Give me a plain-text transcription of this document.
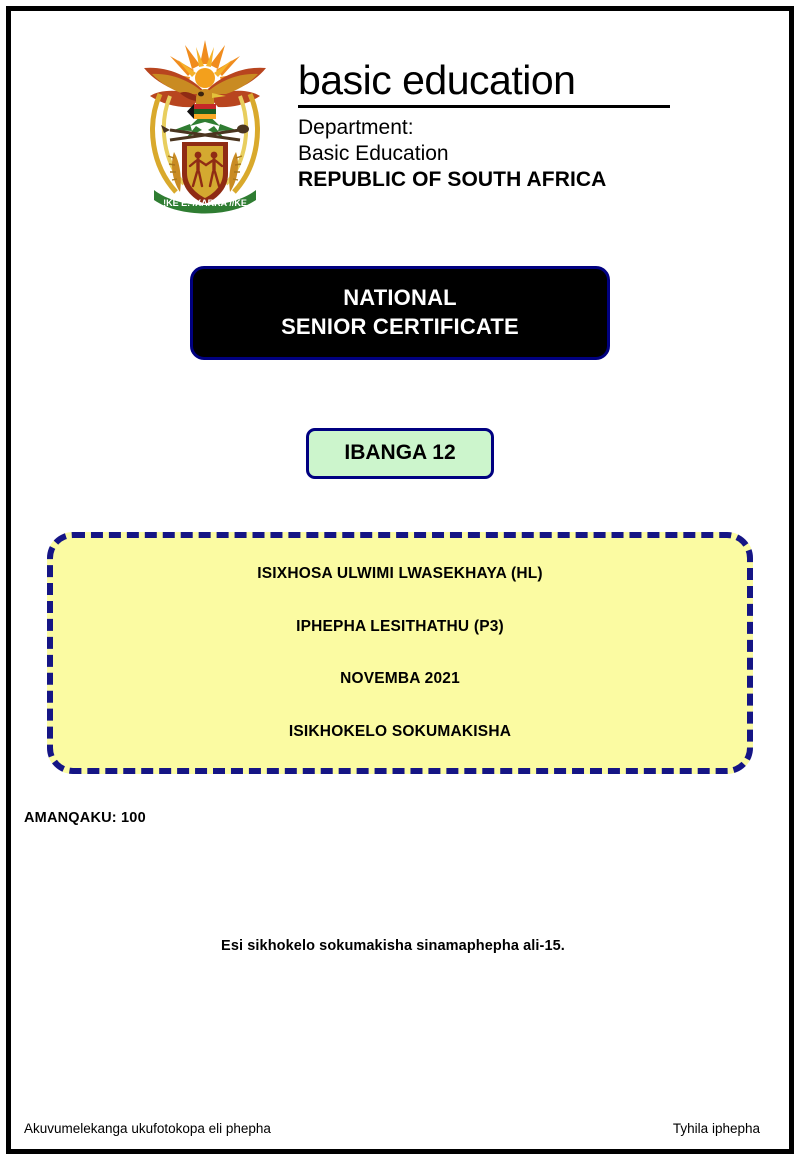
!KE E: /XARRA //KE
basic education
Department:
Basic Education
REPUBLIC OF SOUTH AFRICA
NATIONAL
SENIOR CERTIFICATE
IBANGA 12
ISIXHOSA ULWIMI LWASEKHAYA (HL)
IPHEPHA LESITHATHU (P3)
NOVEMBA 2021
ISIKHOKELO SOKUMAKISHA
AMANQAKU: 100
Esi sikhokelo sokumakisha sinamaphepha ali-15.
Akuvumelekanga ukufotokopa eli phepha	Tyhila iphepha
